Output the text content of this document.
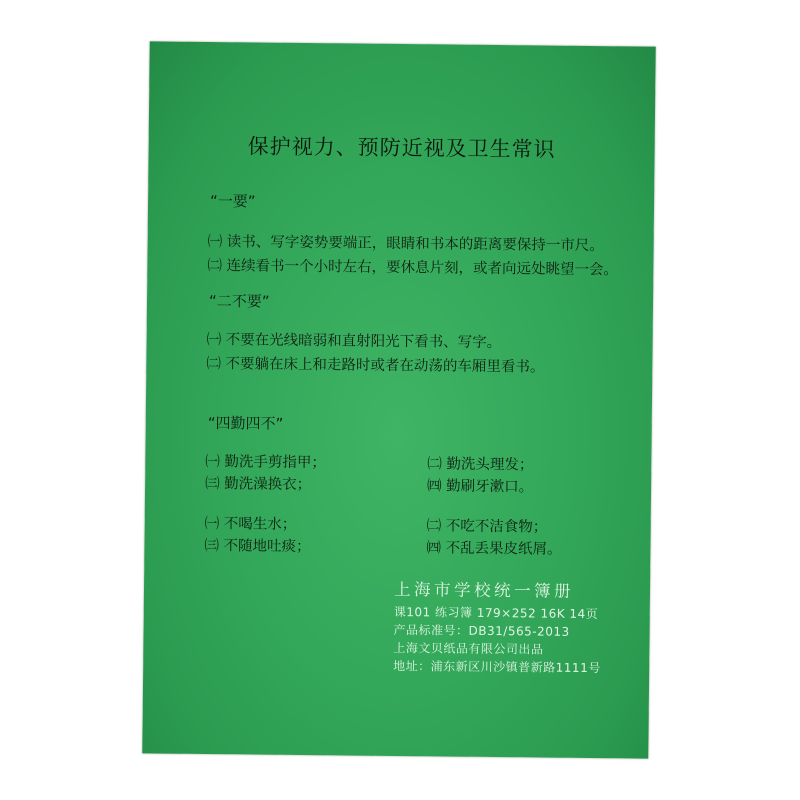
保护视力、预防近视及卫生常识
“一要”
㈠ 读书、写字姿势要端正，眼睛和书本的距离要保持一市尺。
㈡ 连续看书一个小时左右，要休息片刻，或者向远处眺望一会。
“二不要”
㈠ 不要在光线暗弱和直射阳光下看书、写字。
㈡ 不要躺在床上和走路时或者在动荡的车厢里看书。
“四勤四不”
㈠ 勤洗手剪指甲；	㈡ 勤洗头理发；
㈢ 勤洗澡换衣；	㈣ 勤刷牙漱口。
㈠ 不喝生水；	㈡ 不吃不洁食物；
㈢ 不随地吐痰；	㈣ 不乱丢果皮纸屑。
上海市学校统一簿册
课101 练习簿 179×252 16K 14页
产品标准号：DB31/565-2013
上海文贝纸品有限公司出品
地址：浦东新区川沙镇普新路1111号
